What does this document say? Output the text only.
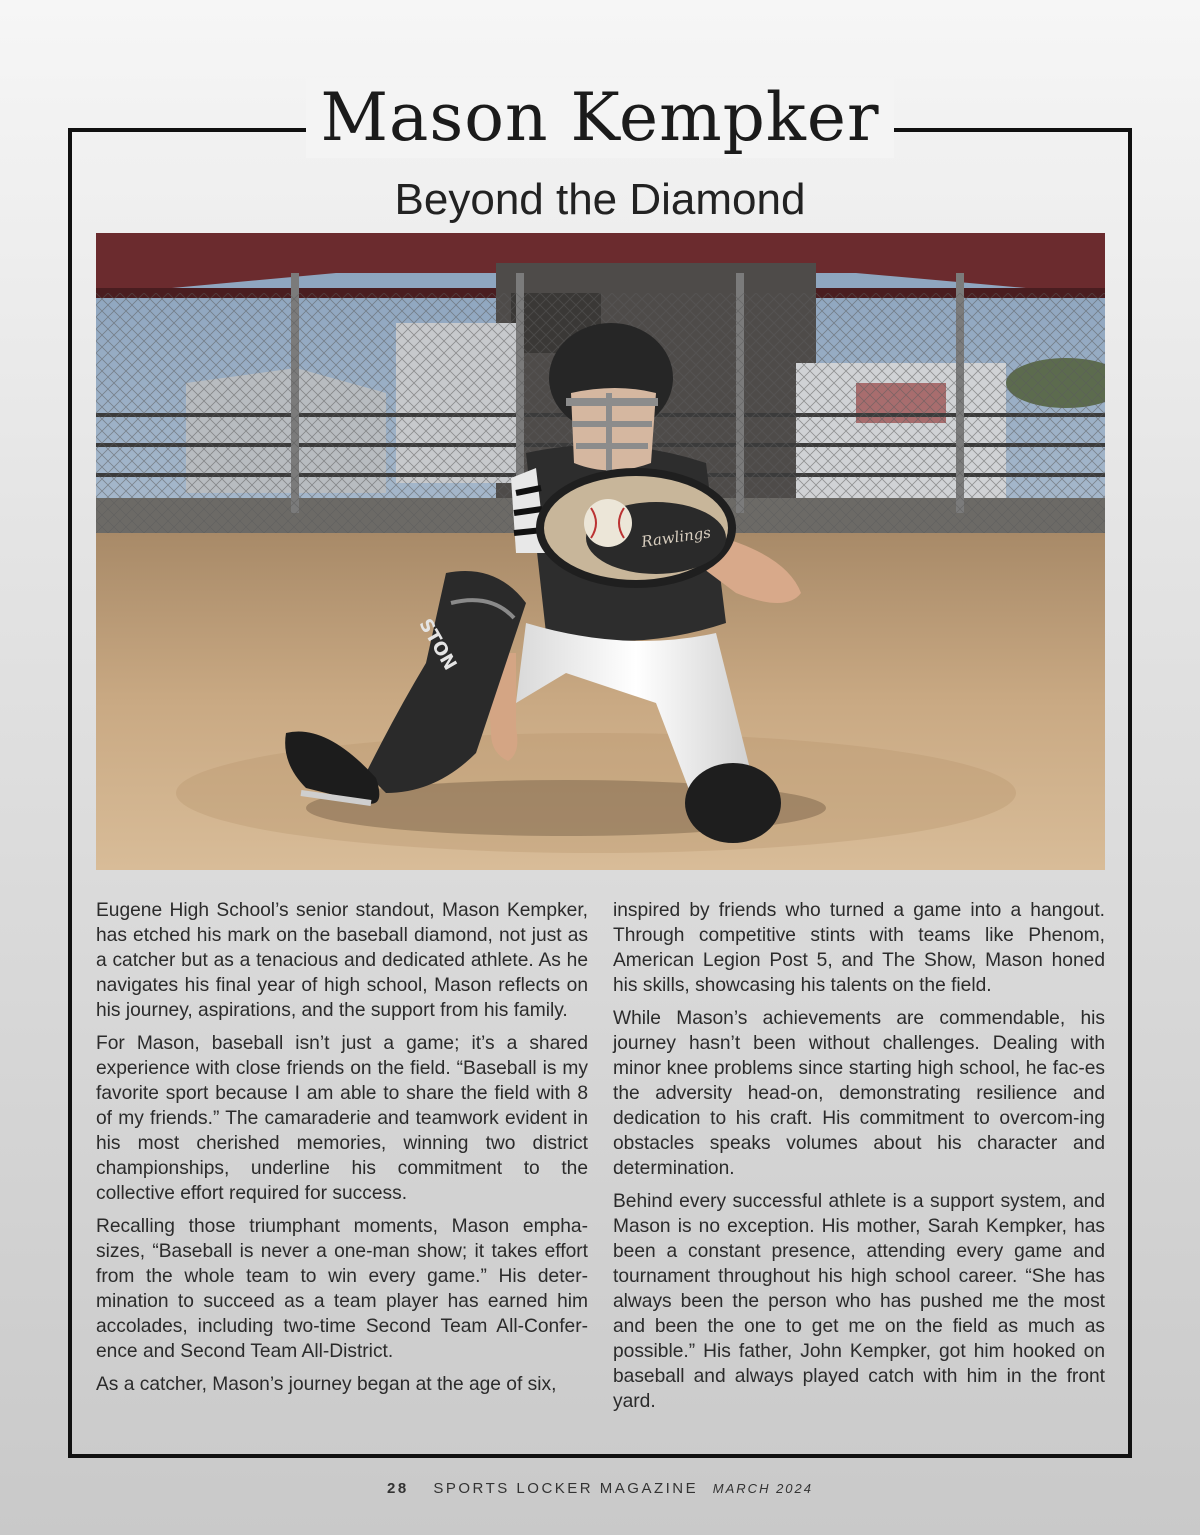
Mason Kempker
Beyond the Diamond
STON
Rawlings

Eugene High School’s senior standout, Mason Kempker, has etched his mark on the baseball diamond, not just as a catcher but as a tenacious and dedicated athlete. As he navigates his final year of high school, Mason reflects on his journey, aspirations, and the support from his family.

For Mason, baseball isn’t just a game; it’s a shared experience with close friends on the field. “Baseball is my favorite sport because I am able to share the field with 8 of my friends.” The camaraderie and teamwork evident in his most cherished memories, winning two district championships, underline his commitment to the collective effort required for success.

Recalling those triumphant moments, Mason empha-sizes, “Baseball is never a one-man show; it takes effort from the whole team to win every game.” His deter-mination to succeed as a team player has earned him accolades, including two-time Second Team All-Confer-ence and Second Team All-District.

As a catcher, Mason’s journey began at the age of six,

inspired by friends who turned a game into a hangout. Through competitive stints with teams like Phenom, American Legion Post 5, and The Show, Mason honed his skills, showcasing his talents on the field.

While Mason’s achievements are commendable, his journey hasn’t been without challenges. Dealing with minor knee problems since starting high school, he fac-es the adversity head-on, demonstrating resilience and dedication to his craft. His commitment to overcom-ing obstacles speaks volumes about his character and determination.

Behind every successful athlete is a support system, and Mason is no exception. His mother, Sarah Kempker, has been a constant presence, attending every game and tournament throughout his high school career. “She has always been the person who has pushed me the most and been the one to get me on the field as much as possible.” His father, John Kempker, got him hooked on baseball and always played catch with him in the front yard.

28 SPORTS LOCKER MAGAZINE MARCH 2024
